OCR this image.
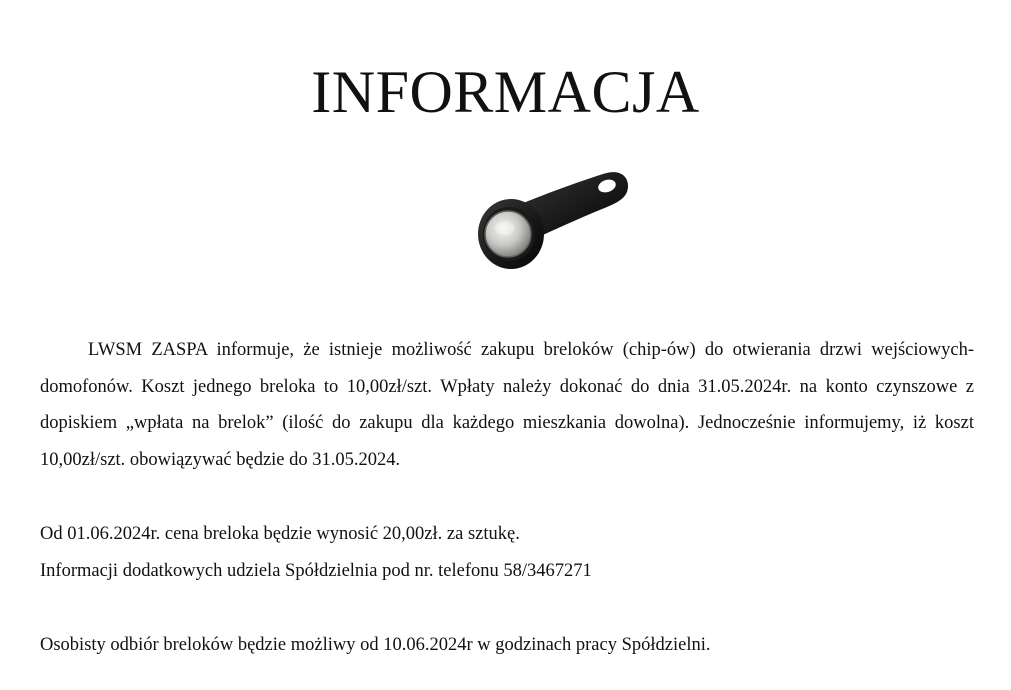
INFORMACJA

LWSM ZASPA informuje, że istnieje możliwość zakupu breloków (chip-ów) do otwierania drzwi wejściowych- domofonów. Koszt jednego breloka to 10,00zł/szt. Wpłaty należy dokonać do dnia 31.05.2024r. na konto czynszowe z dopiskiem „wpłata na brelok” (ilość do zakupu dla każdego mieszkania dowolna). Jednocześnie informujemy, iż koszt 10,00zł/szt. obowiązywać będzie do 31.05.2024.

Od 01.06.2024r. cena breloka będzie wynosić 20,00zł. za sztukę.

Informacji dodatkowych udziela Spółdzielnia pod nr. telefonu 58/3467271

Osobisty odbiór breloków będzie możliwy od 10.06.2024r w godzinach pracy Spółdzielni.
